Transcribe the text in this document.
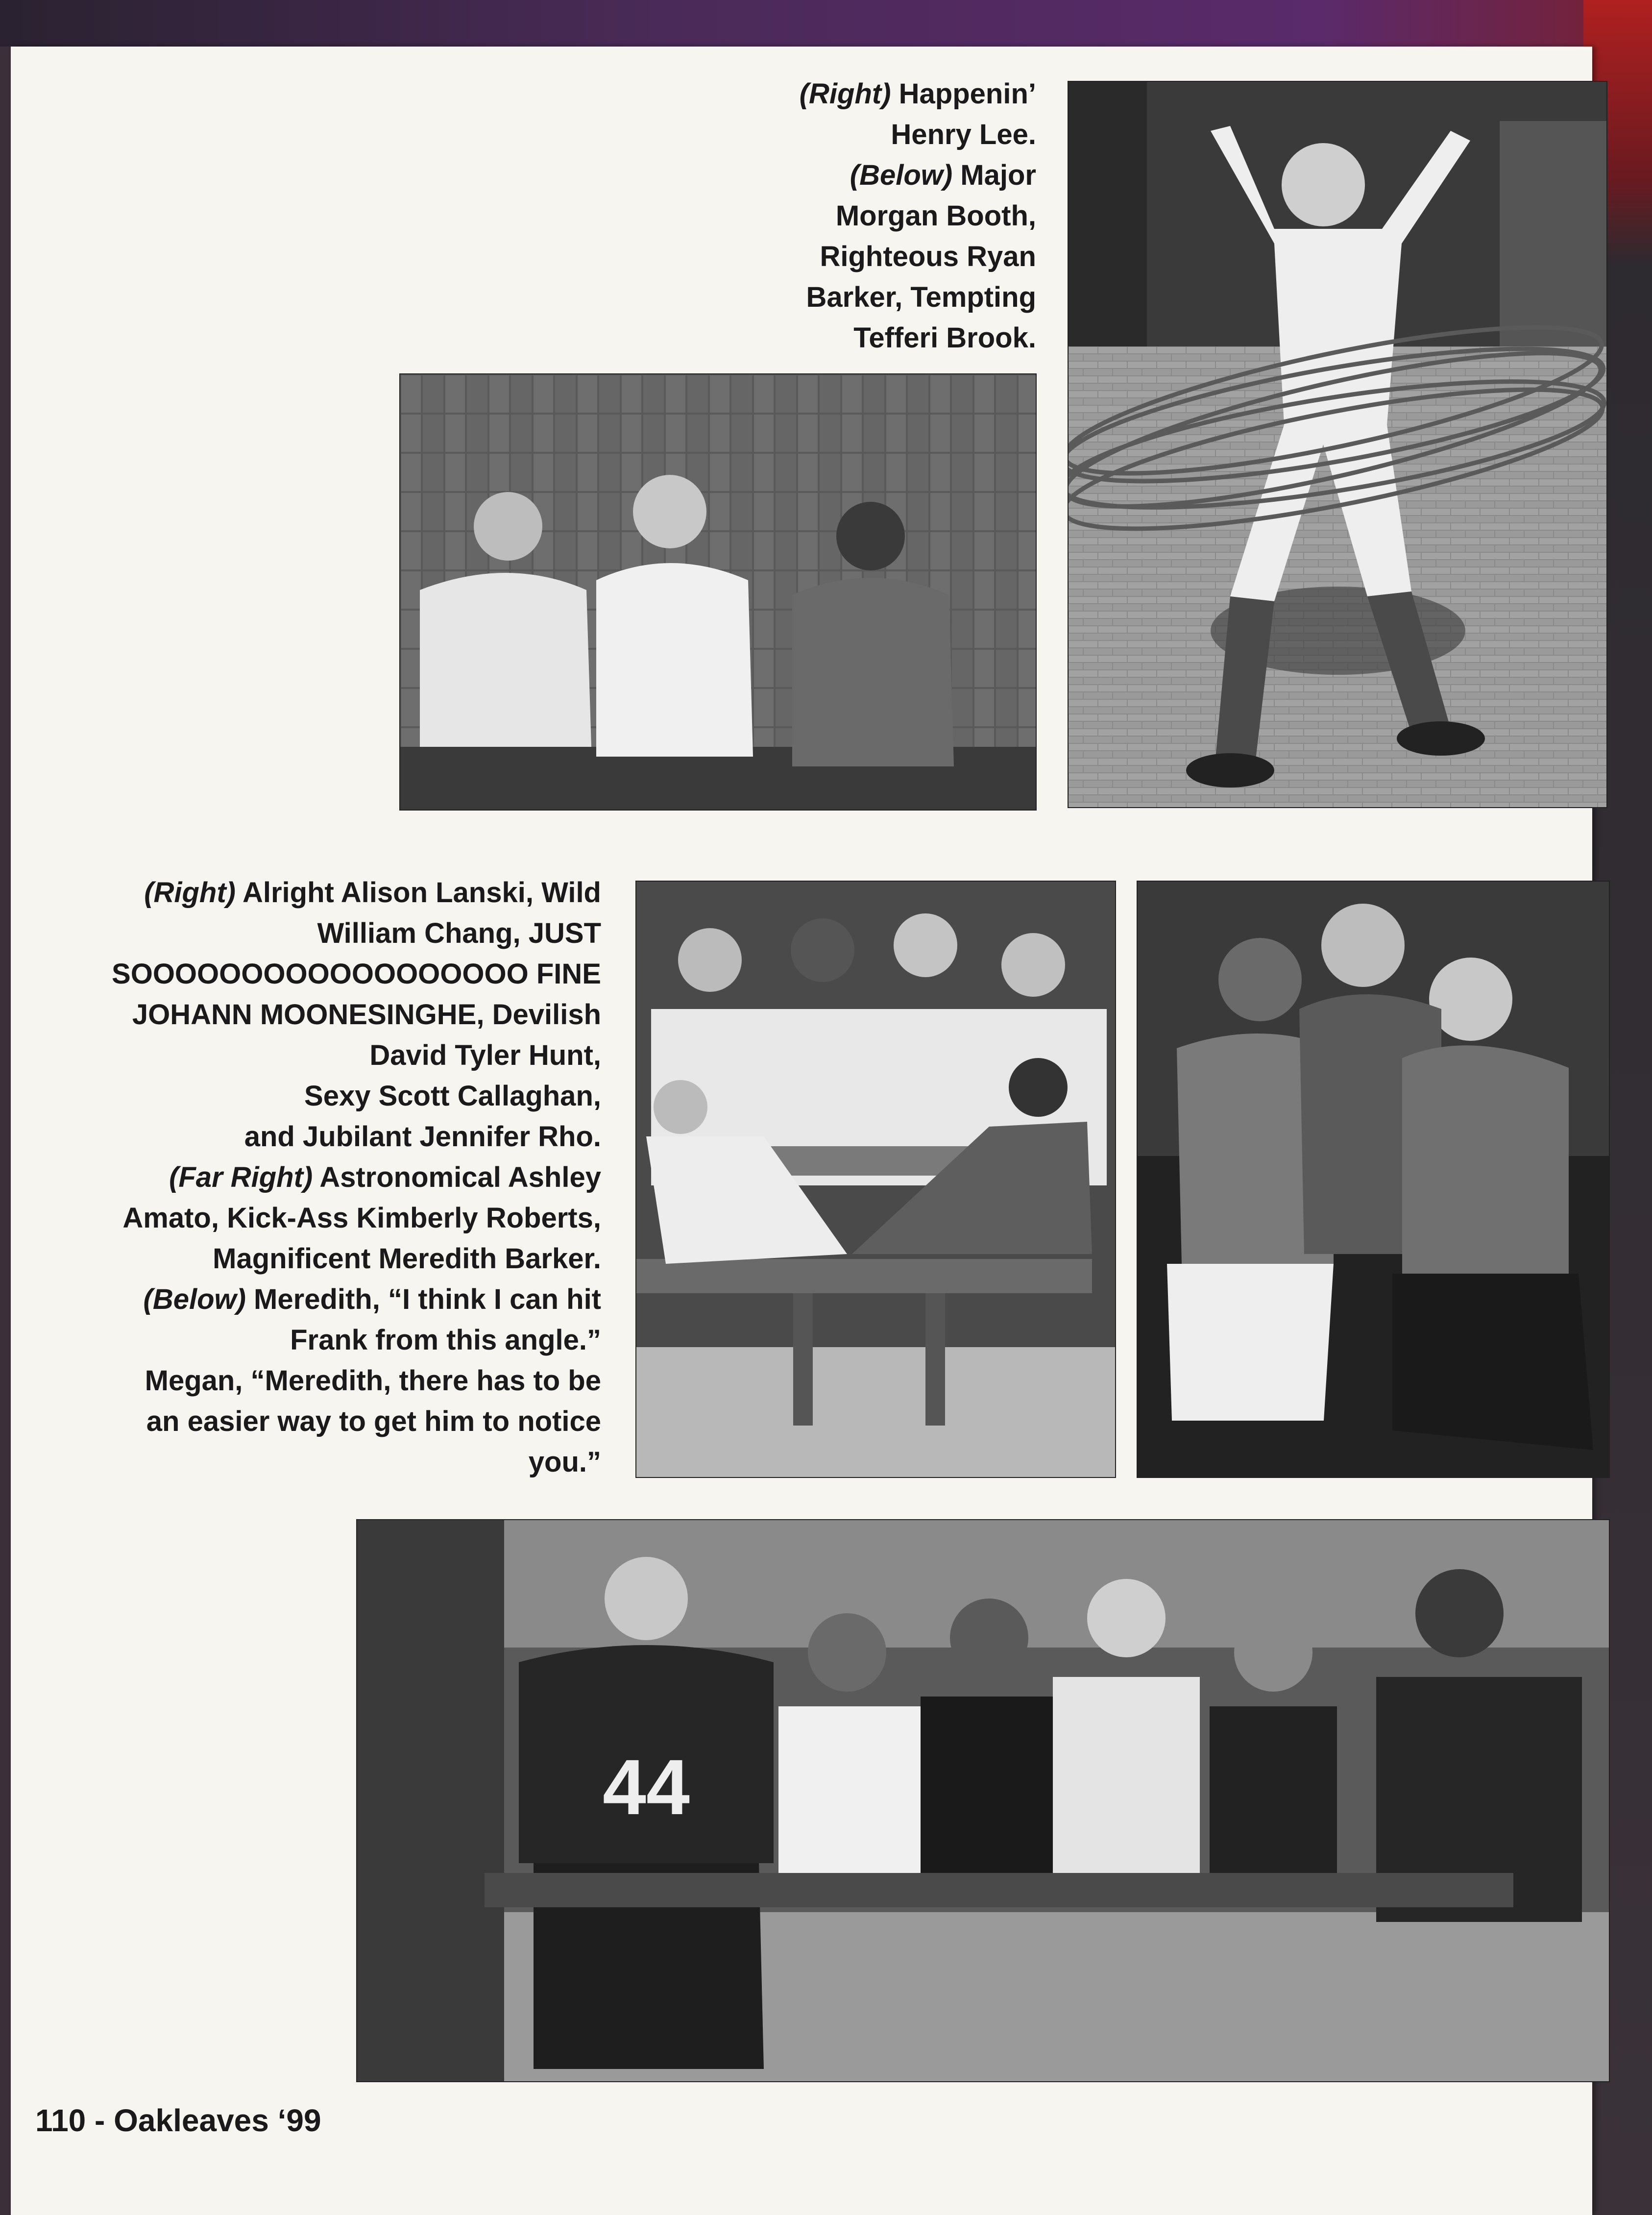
(Right) Happenin’
Henry Lee.
(Below) Major
Morgan Booth,
Righteous Ryan
Barker, Tempting
Tefferi Brook.
(Right) Alright Alison Lanski, Wild
William Chang, JUST
SOOOOOOOOOOOOOOOOOO FINE
JOHANN MOONESINGHE, Devilish
David Tyler Hunt,
Sexy Scott Callaghan,
and Jubilant Jennifer Rho.
(Far Right) Astronomical Ashley
Amato, Kick-Ass Kimberly Roberts,
Magnificent Meredith Barker.
(Below) Meredith, “I think I can hit
Frank from this angle.”
Megan, “Meredith, there has to be
an easier way to get him to notice
you.”
44
110 - Oakleaves ‘99
